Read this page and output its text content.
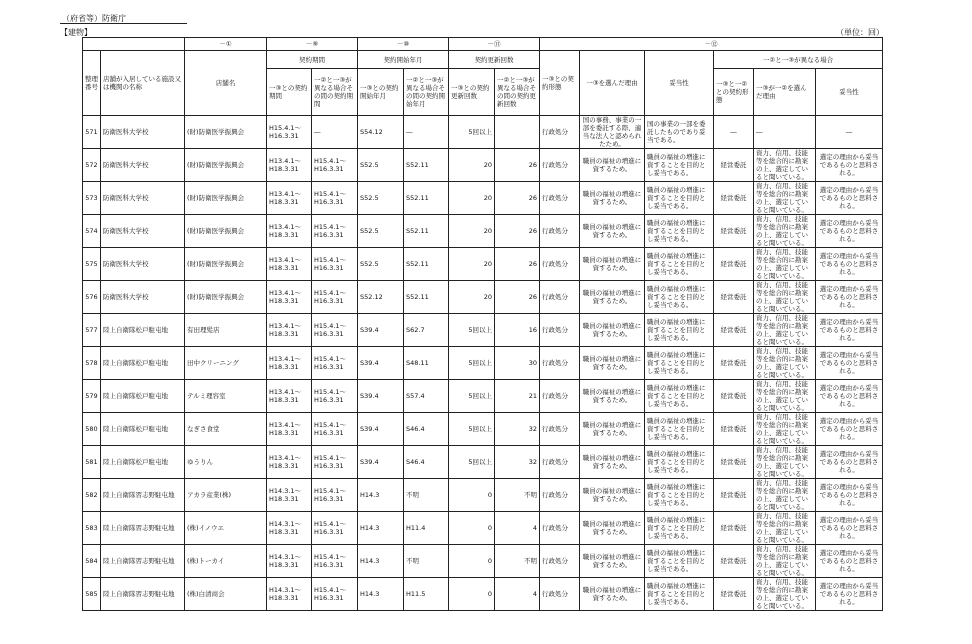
（府省等）防衛庁
【建物】	（単位：回）
		－①	－⑨		－⑩		－⑪		－⑫					
整理番号	店舗が入居している施設又は機関の名称	店舗名	契約期間		契約開始年月		契約更新回数		一③との契約形態	一③を選んだ理由	妥当性	一②と一③が異なる場合		
			一③との契約期間	一②と一③が異なる場合その間の契約期間	一③との契約開始年月	一②と一③が異なる場合その間の契約開始年月	一③との契約更新回数	一②と一③が異なる場合その間の契約更新回数				一③と一②との契約形態	一③が一②を選んだ理由	妥当性
571	防衛医科大学校	(財)防衛医学振興会	H15.4.1～ H16.3.31	―	S54.12	―	5回以上		行政処分	国の事務、事業の一部を委託する際、適当な法人と認められたため。	国の事業の一部を委託したものであり妥当である。	―	―	―
572	防衛医科大学校	(財)防衛医学振興会	H13.4.1～ H18.3.31	H15.4.1～ H16.3.31	S52.5	S52.11	20	26	行政処分	職員の福祉の増進に資するため。	職員の福祉の増進に資することを目的とし妥当である。	経営委託	資力、信用、技能等を総合的に勘案の上、選定していると聞いている。	選定の理由から妥当であるものと思料される。
573	防衛医科大学校	(財)防衛医学振興会	H13.4.1～ H18.3.31	H15.4.1～ H16.3.31	S52.5	S52.11	20	26	行政処分	職員の福祉の増進に資するため。	職員の福祉の増進に資することを目的とし妥当である。	経営委託	資力、信用、技能等を総合的に勘案の上、選定していると聞いている。	選定の理由から妥当であるものと思料される。
574	防衛医科大学校	(財)防衛医学振興会	H13.4.1～ H18.3.31	H15.4.1～ H16.3.31	S52.5	S52.11	20	26	行政処分	職員の福祉の増進に資するため。	職員の福祉の増進に資することを目的とし妥当である。	経営委託	資力、信用、技能等を総合的に勘案の上、選定していると聞いている。	選定の理由から妥当であるものと思料される。
575	防衛医科大学校	(財)防衛医学振興会	H13.4.1～ H18.3.31	H15.4.1～ H16.3.31	S52.5	S52.11	20	26	行政処分	職員の福祉の増進に資するため。	職員の福祉の増進に資することを目的とし妥当である。	経営委託	資力、信用、技能等を総合的に勘案の上、選定していると聞いている。	選定の理由から妥当であるものと思料される。
576	防衛医科大学校	(財)防衛医学振興会	H13.4.1～ H18.3.31	H15.4.1～ H16.3.31	S52.12	S52.11	20	26	行政処分	職員の福祉の増進に資するため。	職員の福祉の増進に資することを目的とし妥当である。	経営委託	資力、信用、技能等を総合的に勘案の上、選定していると聞いている。	選定の理由から妥当であるものと思料される。
577	陸上自衛隊松戸駐屯地	有田理髪店	H13.4.1～ H18.3.31	H15.4.1～ H16.3.31	S39.4	S62.7	5回以上	16	行政処分	職員の福祉の増進に資するため。	職員の福祉の増進に資することを目的とし妥当である。	経営委託	資力、信用、技能等を総合的に勘案の上、選定していると聞いている。	選定の理由から妥当であるものと思料される。
578	陸上自衛隊松戸駐屯地	田中クリーニング	H13.4.1～ H18.3.31	H15.4.1～ H16.3.31	S39.4	S48.11	5回以上	30	行政処分	職員の福祉の増進に資するため。	職員の福祉の増進に資することを目的とし妥当である。	経営委託	資力、信用、技能等を総合的に勘案の上、選定していると聞いている。	選定の理由から妥当であるものと思料される。
579	陸上自衛隊松戸駐屯地	テルミ理容室	H13.4.1～ H18.3.31	H15.4.1～ H16.3.31	S39.4	S57.4	5回以上	21	行政処分	職員の福祉の増進に資するため。	職員の福祉の増進に資することを目的とし妥当である。	経営委託	資力、信用、技能等を総合的に勘案の上、選定していると聞いている。	選定の理由から妥当であるものと思料される。
580	陸上自衛隊松戸駐屯地	なぎさ食堂	H13.4.1～ H18.3.31	H15.4.1～ H16.3.31	S39.4	S46.4	5回以上	32	行政処分	職員の福祉の増進に資するため。	職員の福祉の増進に資することを目的とし妥当である。	経営委託	資力、信用、技能等を総合的に勘案の上、選定していると聞いている。	選定の理由から妥当であるものと思料される。
581	陸上自衛隊松戸駐屯地	ゆうりん	H13.4.1～ H18.3.31	H15.4.1～ H16.3.31	S39.4	S46.4	5回以上	32	行政処分	職員の福祉の増進に資するため。	職員の福祉の増進に資することを目的とし妥当である。	経営委託	資力、信用、技能等を総合的に勘案の上、選定していると聞いている。	選定の理由から妥当であるものと思料される。
582	陸上自衛隊習志野駐屯地	アカラ産業(株)	H14.3.1～ H18.3.31	H15.4.1～ H16.3.31	H14.3	不明	0	不明	行政処分	職員の福祉の増進に資するため。	職員の福祉の増進に資することを目的とし妥当である。	経営委託	資力、信用、技能等を総合的に勘案の上、選定していると聞いている。	選定の理由から妥当であるものと思料される。
583	陸上自衛隊習志野駐屯地	(株)イノウエ	H14.3.1～ H18.3.31	H15.4.1～ H16.3.31	H14.3	H11.4	0	4	行政処分	職員の福祉の増進に資するため。	職員の福祉の増進に資することを目的とし妥当である。	経営委託	資力、信用、技能等を総合的に勘案の上、選定していると聞いている。	選定の理由から妥当であるものと思料される。
584	陸上自衛隊習志野駐屯地	(株)トーカイ	H14.3.1～ H18.3.31	H15.4.1～ H16.3.31	H14.3	不明	0	不明	行政処分	職員の福祉の増進に資するため。	職員の福祉の増進に資することを目的とし妥当である。	経営委託	資力、信用、技能等を総合的に勘案の上、選定していると聞いている。	選定の理由から妥当であるものと思料される。
585	陸上自衛隊習志野駐屯地	(株)白清商会	H14.3.1～ H18.3.31	H15.4.1～ H16.3.31	H14.3	H11.5	0	4	行政処分	職員の福祉の増進に資するため。	職員の福祉の増進に資することを目的とし妥当である。	経営委託	資力、信用、技能等を総合的に勘案の上、選定していると聞いている。	選定の理由から妥当であるものと思料される。
